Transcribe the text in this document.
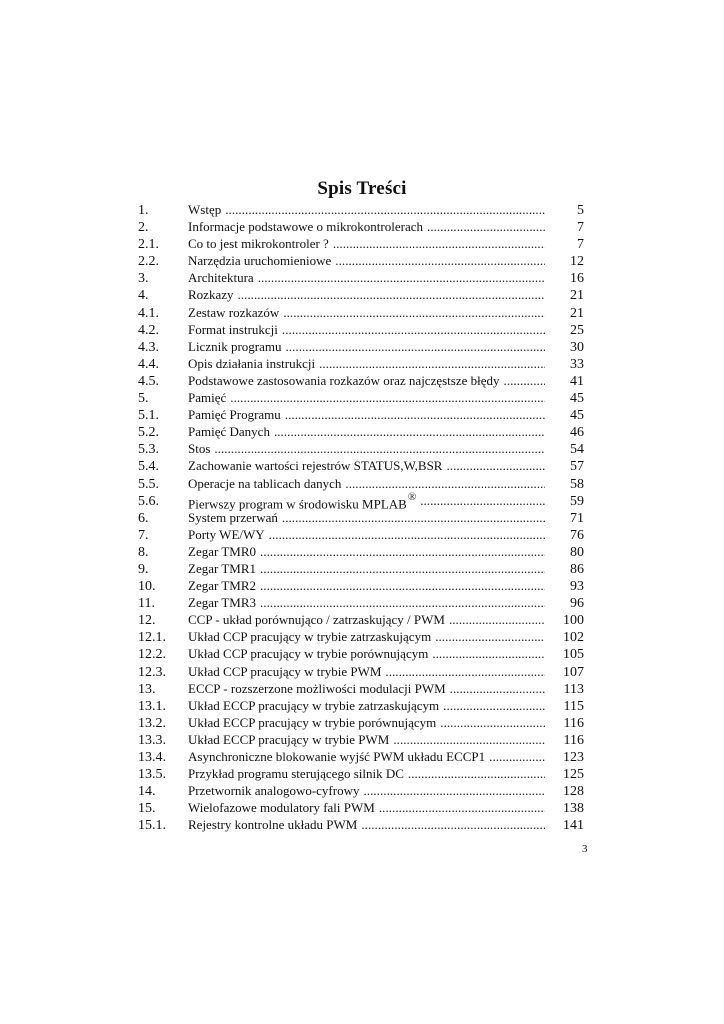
Spis Treści
1.	Wstęp . . .	5
2.	Informacje podstawowe o mikrokontrolerach . . .	7
2.1. Co to jest mikrokontroler ? . . .	7
2.2. Narzędzia uruchomieniowe . . .	12
3.	Architektura . . .	16
4.	Rozkazy . . .	21
4.1. Zestaw rozkazów . . .	21
4.2. Format instrukcji . . .	25
4.3. Licznik programu . . .	30
4.4. Opis działania instrukcji . . .	33
4.5. Podstawowe zastosowania rozkazów oraz najczęstsze błędy . . .	41
5.	Pamięć . . .	45
5.1. Pamięć Programu . . .	45
5.2. Pamięć Danych . . .	46
5.3. Stos . . .	54
5.4. Zachowanie wartości rejestrów STATUS,W,BSR . . .	57
5.5. Operacje na tablicach danych . . .	58
5.6. Pierwszy program w środowisku MPLAB® . . .	59
6.	System przerwań . . .	71
7.	Porty WE/WY . . .	76
8.	Zegar TMR0 . . .	80
9.	Zegar TMR1 . . .	86
10.	Zegar TMR2 . . .	93
11.	Zegar TMR3 . . .	96
12.	CCP - układ porównująco / zatrzaskujący / PWM . . .	100
12.1. Układ CCP pracujący w trybie zatrzaskującym . . .	102
12.2. Układ CCP pracujący w trybie porównującym . . .	105
12.3. Układ CCP pracujący w trybie PWM . . .	107
13.	ECCP - rozszerzone możliwości modulacji PWM . . .	113
13.1. Układ ECCP pracujący w trybie zatrzaskującym . . .	115
13.2. Układ ECCP pracujący w trybie porównującym . . .	116
13.3. Układ ECCP pracujący w trybie PWM . . .	116
13.4. Asynchroniczne blokowanie wyjść PWM układu ECCP1 . . .	123
13.5. Przykład programu sterującego silnik DC . . .	125
14.	Przetwornik analogowo-cyfrowy . . .	128
15.	Wielofazowe modulatory fali PWM . . .	138
15.1. Rejestry kontrolne układu PWM . . .	141
3
